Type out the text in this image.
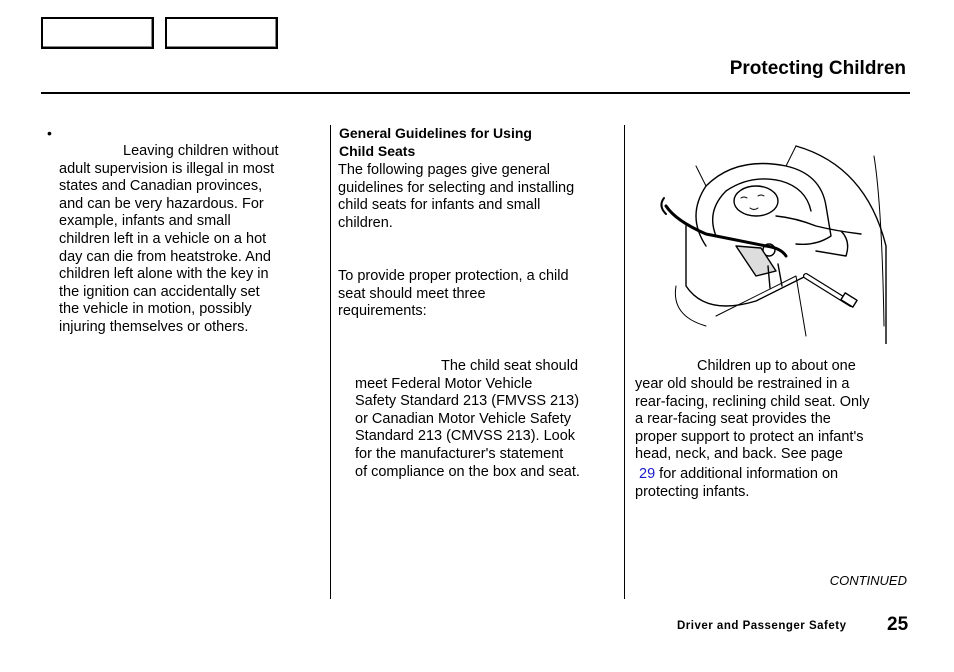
Protecting Children
•
Leaving children without
adult supervision is illegal in most
states and Canadian provinces,
and can be very hazardous. For
example, infants and small
children left in a vehicle on a hot
day can die from heatstroke. And
children left alone with the key in
the ignition can accidentally set
the vehicle in motion, possibly
injuring themselves or others.
General Guidelines for Using
Child Seats
The following pages give general
guidelines for selecting and installing
child seats for infants and small
children.
To provide proper protection, a child
seat should meet three
requirements:
The child seat should
meet Federal Motor Vehicle
Safety Standard 213 (FMVSS 213)
or Canadian Motor Vehicle Safety
Standard 213 (CMVSS 213). Look
for the manufacturer's statement
of compliance on the box and seat.
Children up to about one
year old should be restrained in a
rear-facing, reclining child seat. Only
a rear-facing seat provides the
proper support to protect an infant's
head, neck, and back. See page
29 for additional information on
protecting infants.
CONTINUED
Driver and Passenger Safety 25
